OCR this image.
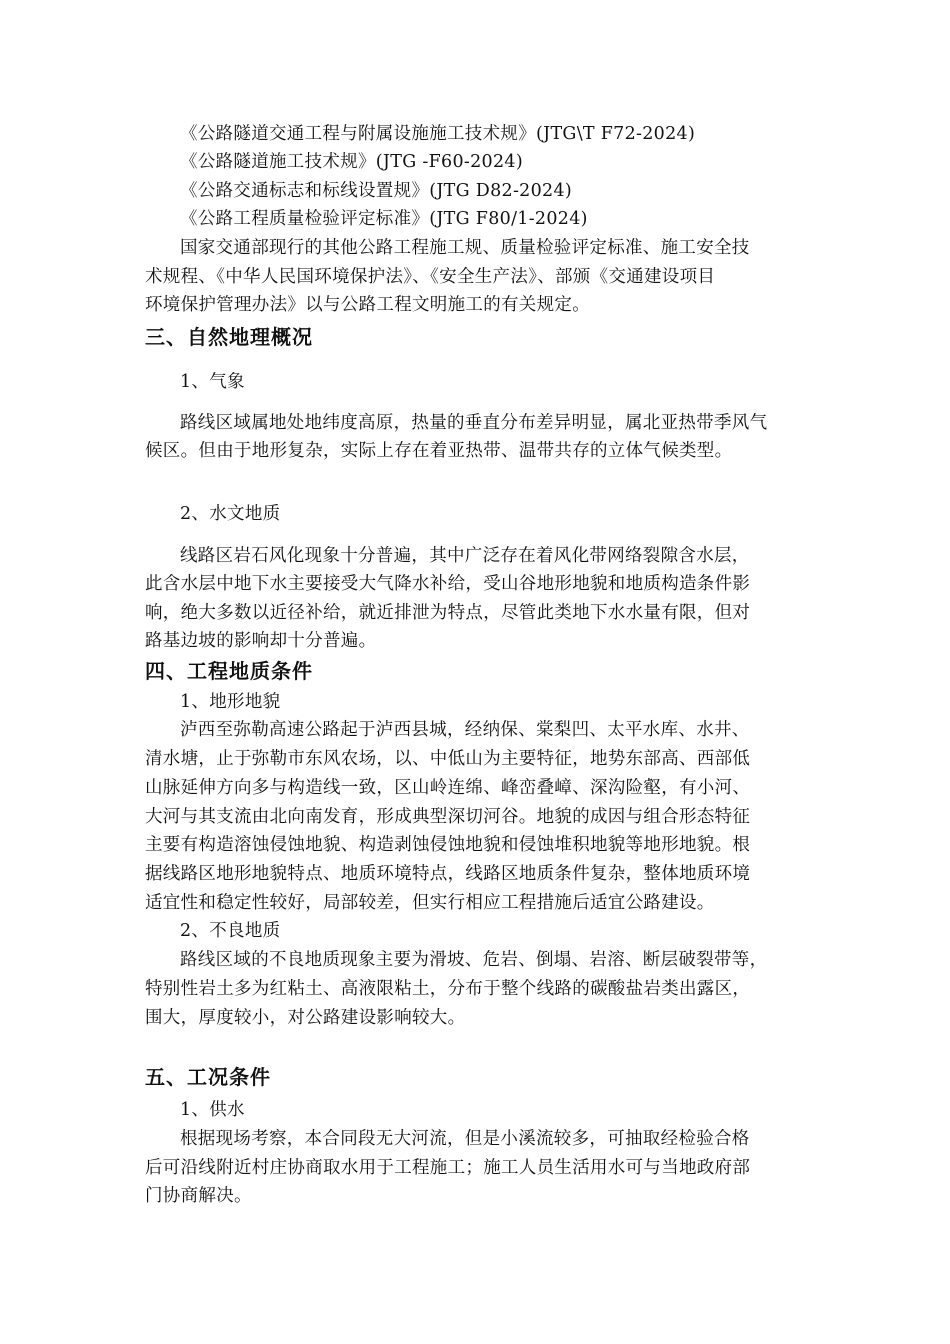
《公路隧道交通工程与附属设施施工技术规》(JTG\T F72-2024)
《公路隧道施工技术规》(JTG -F60-2024)
《公路交通标志和标线设置规》(JTG D82-2024)
《公路工程质量检验评定标准》(JTG F80/1-2024)
国家交通部现行的其他公路工程施工规、质量检验评定标准、施工安全技
术规程、《中华人民国环境保护法》、《安全生产法》、部颁《交通建设项目
环境保护管理办法》以与公路工程文明施工的有关规定。
三、自然地理概况
1、气象
路线区域属地处地纬度高原，热量的垂直分布差异明显，属北亚热带季风气
候区。但由于地形复杂，实际上存在着亚热带、温带共存的立体气候类型。
2、水文地质
线路区岩石风化现象十分普遍，其中广泛存在着风化带网络裂隙含水层，
此含水层中地下水主要接受大气降水补给，受山谷地形地貌和地质构造条件影
响，绝大多数以近径补给，就近排泄为特点，尽管此类地下水水量有限，但对
路基边坡的影响却十分普遍。
四、工程地质条件
1、地形地貌
泸西至弥勒高速公路起于泸西县城，经纳保、棠梨凹、太平水库、水井、
清水塘，止于弥勒市东风农场，以、中低山为主要特征，地势东部高、西部低
山脉延伸方向多与构造线一致，区山岭连绵、峰峦叠嶂、深沟险壑，有小河、
大河与其支流由北向南发育，形成典型深切河谷。地貌的成因与组合形态特征
主要有构造溶蚀侵蚀地貌、构造剥蚀侵蚀地貌和侵蚀堆积地貌等地形地貌。根
据线路区地形地貌特点、地质环境特点，线路区地质条件复杂，整体地质环境
适宜性和稳定性较好，局部较差，但实行相应工程措施后适宜公路建设。
2、不良地质
路线区域的不良地质现象主要为滑坡、危岩、倒塌、岩溶、断层破裂带等，
特别性岩土多为红粘土、高液限粘土，分布于整个线路的碳酸盐岩类出露区，
围大，厚度较小，对公路建设影响较大。
五、工况条件
1、供水
根据现场考察，本合同段无大河流，但是小溪流较多，可抽取经检验合格
后可沿线附近村庄协商取水用于工程施工；施工人员生活用水可与当地政府部
门协商解决。
